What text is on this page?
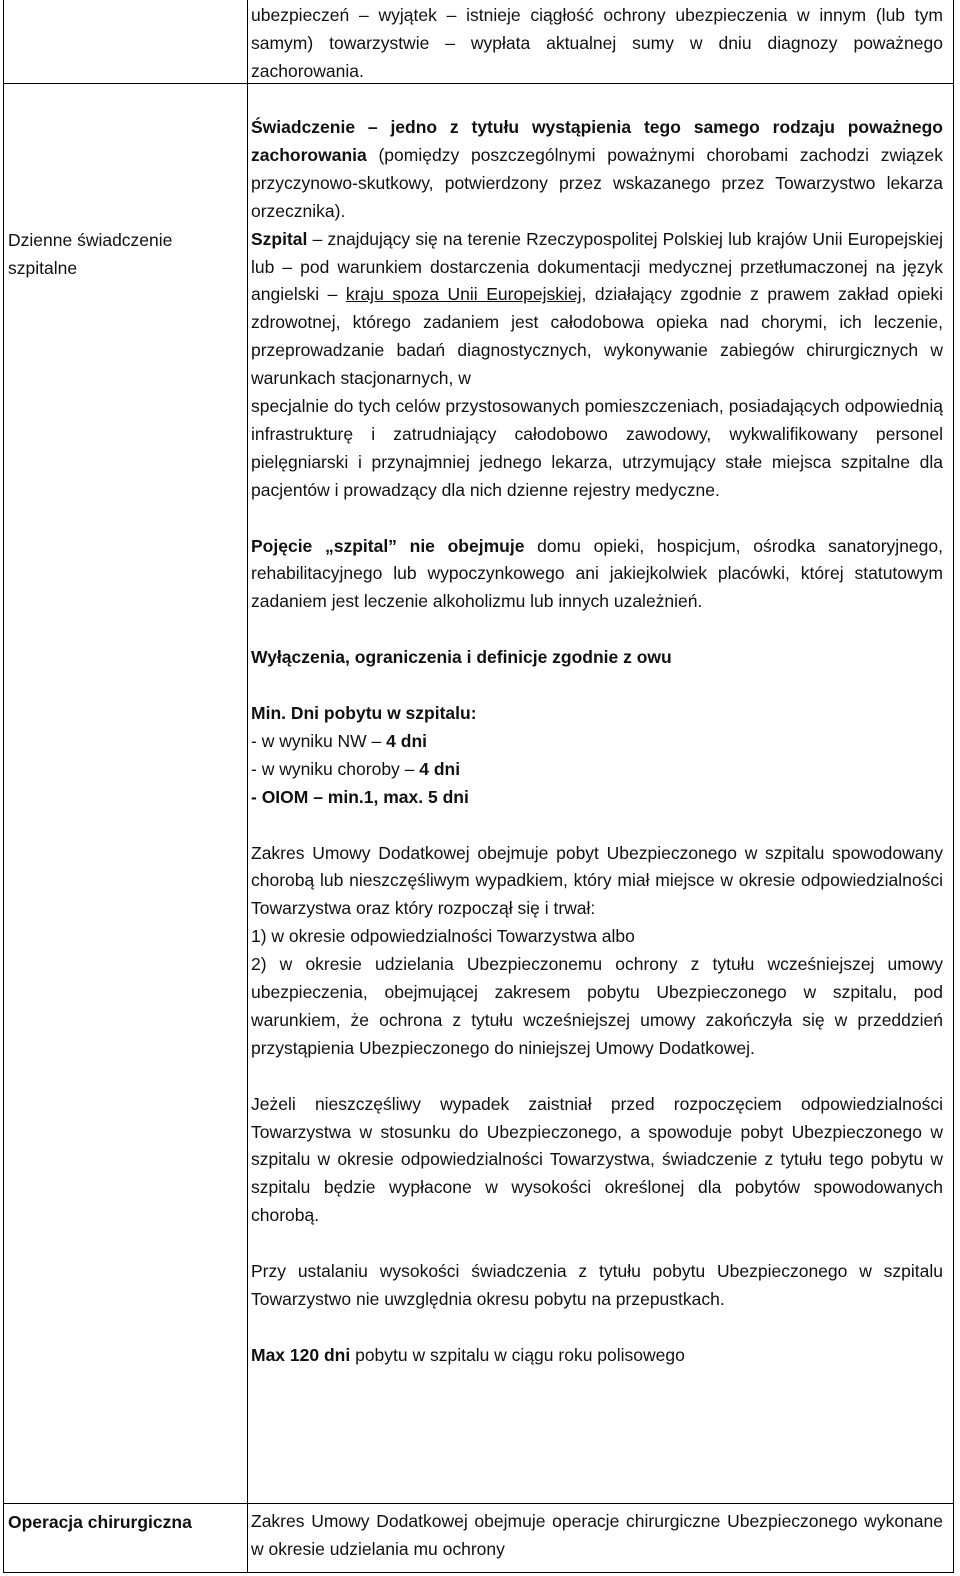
ubezpieczeń – wyjątek – istnieje ciągłość ochrony ubezpieczenia w innym (lub tym samym) towarzystwie – wypłata aktualnej sumy w dniu diagnozy poważnego zachorowania.

Dzienne świadczenie szpitalne

Świadczenie – jedno z tytułu wystąpienia tego samego rodzaju poważnego zachorowania (pomiędzy poszczególnymi poważnymi chorobami zachodzi związek przyczynowo-skutkowy, potwierdzony przez wskazanego przez Towarzystwo lekarza orzecznika).

Szpital – znajdujący się na terenie Rzeczypospolitej Polskiej lub krajów Unii Europejskiej lub – pod warunkiem dostarczenia dokumentacji medycznej przetłumaczonej na język angielski – kraju spoza Unii Europejskiej, działający zgodnie z prawem zakład opieki zdrowotnej, którego zadaniem jest całodobowa opieka nad chorymi, ich leczenie, przeprowadzanie badań diagnostycznych, wykonywanie zabiegów chirurgicznych w warunkach stacjonarnych, w

specjalnie do tych celów przystosowanych pomieszczeniach, posiadających odpowiednią infrastrukturę i zatrudniający całodobowo zawodowy, wykwalifikowany personel pielęgniarski i przynajmniej jednego lekarza, utrzymujący stałe miejsca szpitalne dla pacjentów i prowadzący dla nich dzienne rejestry medyczne.

Pojęcie „szpital” nie obejmuje domu opieki, hospicjum, ośrodka sanatoryjnego, rehabilitacyjnego lub wypoczynkowego ani jakiejkolwiek placówki, której statutowym zadaniem jest leczenie alkoholizmu lub innych uzależnień.

Wyłączenia, ograniczenia i definicje zgodnie z owu

Min. Dni pobytu w szpitalu:

- w wyniku NW – 4 dni

- w wyniku choroby – 4 dni

- OIOM – min.1, max. 5 dni

Zakres Umowy Dodatkowej obejmuje pobyt Ubezpieczonego w szpitalu spowodowany chorobą lub nieszczęśliwym wypadkiem, który miał miejsce w okresie odpowiedzialności Towarzystwa oraz który rozpoczął się i trwał:

1) w okresie odpowiedzialności Towarzystwa albo

2) w okresie udzielania Ubezpieczonemu ochrony z tytułu wcześniejszej umowy ubezpieczenia, obejmującej zakresem pobytu Ubezpieczonego w szpitalu, pod warunkiem, że ochrona z tytułu wcześniejszej umowy zakończyła się w przeddzień przystąpienia Ubezpieczonego do niniejszej Umowy Dodatkowej.

Jeżeli nieszczęśliwy wypadek zaistniał przed rozpoczęciem odpowiedzialności Towarzystwa w stosunku do Ubezpieczonego, a spowoduje pobyt Ubezpieczonego w szpitalu w okresie odpowiedzialności Towarzystwa, świadczenie z tytułu tego pobytu w szpitalu będzie wypłacone w wysokości określonej dla pobytów spowodowanych chorobą.

Przy ustalaniu wysokości świadczenia z tytułu pobytu Ubezpieczonego w szpitalu Towarzystwo nie uwzględnia okresu pobytu na przepustkach.

Max 120 dni pobytu w szpitalu w ciągu roku polisowego

Operacja chirurgiczna	Zakres Umowy Dodatkowej obejmuje operacje chirurgiczne Ubezpieczonego wykonane w okresie udzielania mu ochrony
